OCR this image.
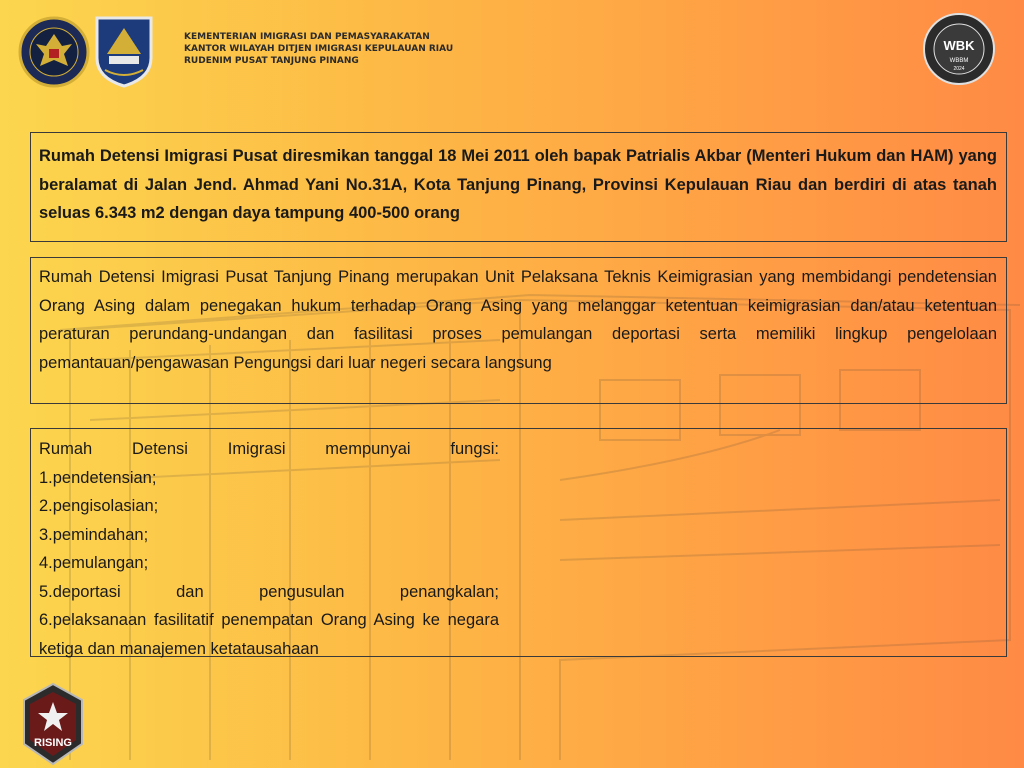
KEMENTERIAN IMIGRASI DAN PEMASYARAKATAN
KANTOR WILAYAH DITJEN IMIGRASI KEPULAUAN RIAU
RUDENIM PUSAT TANJUNG PINANG
WBK
WBBM
2024
Rumah Detensi Imigrasi Pusat diresmikan tanggal 18 Mei 2011 oleh bapak Patrialis Akbar (Menteri Hukum dan HAM) yang beralamat di Jalan Jend. Ahmad Yani No.31A, Kota Tanjung Pinang, Provinsi Kepulauan Riau dan berdiri di atas tanah seluas 6.343 m2 dengan daya tampung 400-500 orang
Rumah Detensi Imigrasi Pusat Tanjung Pinang merupakan Unit Pelaksana Teknis Keimigrasian yang membidangi pendetensian Orang Asing dalam penegakan hukum terhadap Orang Asing yang melanggar ketentuan keimigrasian dan/atau ketentuan peraturan perundang-undangan dan fasilitasi proses pemulangan deportasi serta memiliki lingkup pengelolaan pemantauan/pengawasan Pengungsi dari luar negeri secara langsung
Rumah Detensi Imigrasi mempunyai fungsi:
1.pendetensian;
2.pengisolasian;
3.pemindahan;
4.pemulangan;
5.deportasi dan pengusulan penangkalan;
6.pelaksanaan fasilitatif penempatan Orang Asing ke negara ketiga dan manajemen ketatausahaan
RISING
